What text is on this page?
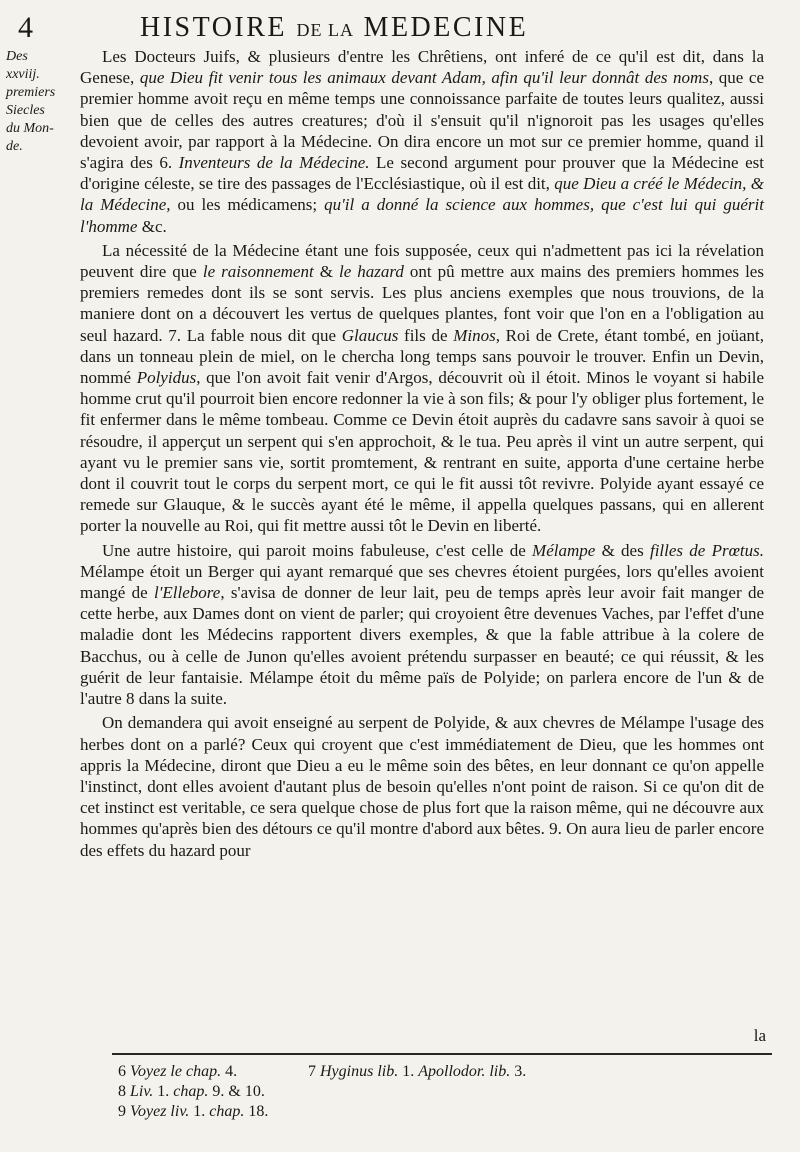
4	HISTOIRE DE LA MEDECINE
Des
xxviij.
premiers
Siecles
du Mon-
de.

Les Docteurs Juifs, & plusieurs d'entre les Chrêtiens, ont inferé de ce qu'il est dit, dans la Genese, que Dieu fit venir tous les animaux devant Adam, afin qu'il leur donnât des noms, que ce premier homme avoit reçu en même temps une connoissance parfaite de toutes leurs qualitez, aussi bien que de celles des autres creatures; d'où il s'ensuit qu'il n'ignoroit pas les usages qu'elles devoient avoir, par rapport à la Médecine. On dira encore un mot sur ce premier homme, quand il s'agira des 6. Inventeurs de la Médecine. Le second argument pour prouver que la Médecine est d'origine céleste, se tire des passages de l'Ecclésiastique, où il est dit, que Dieu a créé le Médecin, & la Médecine, ou les médicamens; qu'il a donné la science aux hommes, que c'est lui qui guérit l'homme &c.

La nécessité de la Médecine étant une fois supposée, ceux qui n'admettent pas ici la révelation peuvent dire que le raisonnement & le hazard ont pû mettre aux mains des premiers hommes les premiers remedes dont ils se sont servis. Les plus anciens exemples que nous trouvions, de la maniere dont on a découvert les vertus de quelques plantes, font voir que l'on en a l'obligation au seul hazard. 7. La fable nous dit que Glaucus fils de Minos, Roi de Crete, étant tombé, en joüant, dans un tonneau plein de miel, on le chercha long temps sans pouvoir le trouver. Enfin un Devin, nommé Polyidus, que l'on avoit fait venir d'Argos, découvrit où il étoit. Minos le voyant si habile homme crut qu'il pourroit bien encore redonner la vie à son fils; & pour l'y obliger plus fortement, le fit enfermer dans le même tombeau. Comme ce Devin étoit auprès du cadavre sans savoir à quoi se résoudre, il apperçut un serpent qui s'en approchoit, & le tua. Peu après il vint un autre serpent, qui ayant vu le premier sans vie, sortit promtement, & rentrant en suite, apporta d'une certaine herbe dont il couvrit tout le corps du serpent mort, ce qui le fit aussi tôt revivre. Polyide ayant essayé ce remede sur Glauque, & le succès ayant été le même, il appella quelques passans, qui en allerent porter la nouvelle au Roi, qui fit mettre aussi tôt le Devin en liberté.

Une autre histoire, qui paroit moins fabuleuse, c'est celle de Mélampe & des filles de Prœtus. Mélampe étoit un Berger qui ayant remarqué que ses chevres étoient purgées, lors qu'elles avoient mangé de l'Ellebore, s'avisa de donner de leur lait, peu de temps après leur avoir fait manger de cette herbe, aux Dames dont on vient de parler; qui croyoient être devenues Vaches, par l'effet d'une maladie dont les Médecins rapportent divers exemples, & que la fable attribue à la colere de Bacchus, ou à celle de Junon qu'elles avoient prétendu surpasser en beauté; ce qui réussit, & les guérit de leur fantaisie. Mélampe étoit du même païs de Polyide; on parlera encore de l'un & de l'autre 8 dans la suite.

On demandera qui avoit enseigné au serpent de Polyide, & aux chevres de Mélampe l'usage des herbes dont on a parlé? Ceux qui croyent que c'est immédiatement de Dieu, que les hommes ont appris la Médecine, diront que Dieu a eu le même soin des bêtes, en leur donnant ce qu'on appelle l'instinct, dont elles avoient d'autant plus de besoin qu'elles n'ont point de raison. Si ce qu'on dit de cet instinct est veritable, ce sera quelque chose de plus fort que la raison même, qui ne découvre aux hommes qu'après bien des détours ce qu'il montre d'abord aux bêtes. 9. On aura lieu de parler encore des effets du hazard pour

la
6 Voyez le chap. 4.	7 Hyginus lib. 1. Apollodor. lib. 3.
8 Liv. 1. chap. 9. & 10.
9 Voyez liv. 1. chap. 18.
